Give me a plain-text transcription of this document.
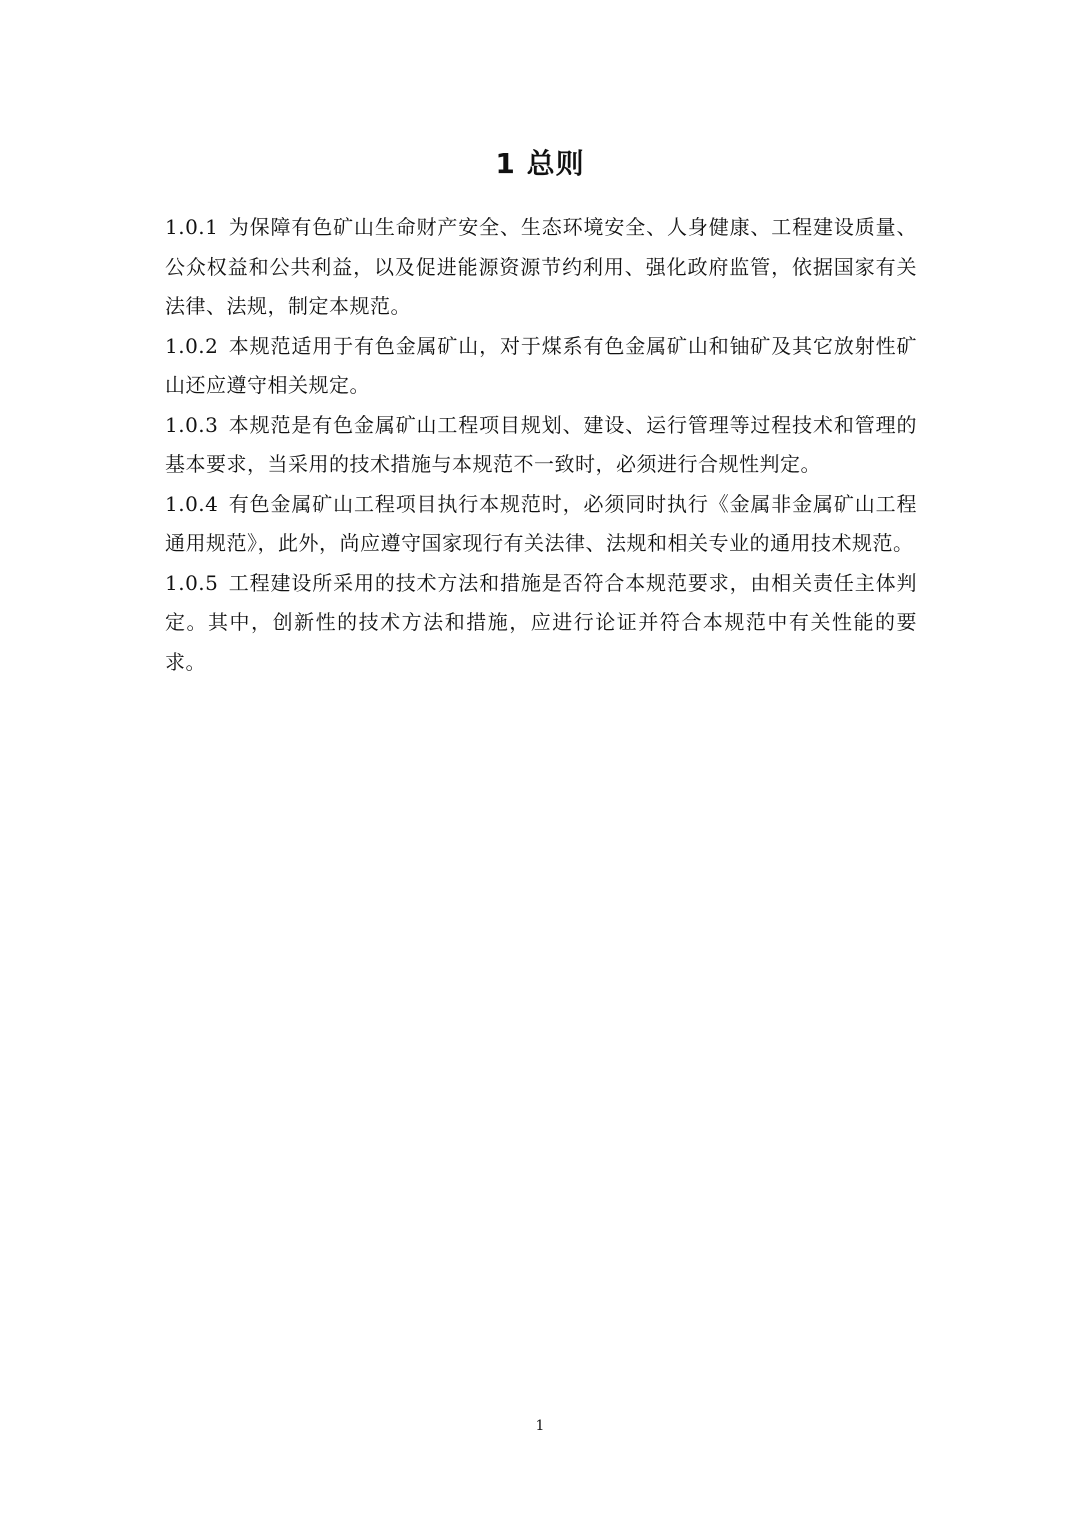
1 总则

1.0.1 为保障有色矿山生命财产安全、生态环境安全、人身健康、工程建设质量、公众权益和公共利益，以及促进能源资源节约利用、强化政府监管，依据国家有关法律、法规，制定本规范。

1.0.2 本规范适用于有色金属矿山，对于煤系有色金属矿山和铀矿及其它放射性矿山还应遵守相关规定。

1.0.3 本规范是有色金属矿山工程项目规划、建设、运行管理等过程技术和管理的基本要求，当采用的技术措施与本规范不一致时，必须进行合规性判定。

1.0.4 有色金属矿山工程项目执行本规范时，必须同时执行《金属非金属矿山工程通用规范》，此外，尚应遵守国家现行有关法律、法规和相关专业的通用技术规范。

1.0.5 工程建设所采用的技术方法和措施是否符合本规范要求，由相关责任主体判定。其中，创新性的技术方法和措施，应进行论证并符合本规范中有关性能的要求。

1
